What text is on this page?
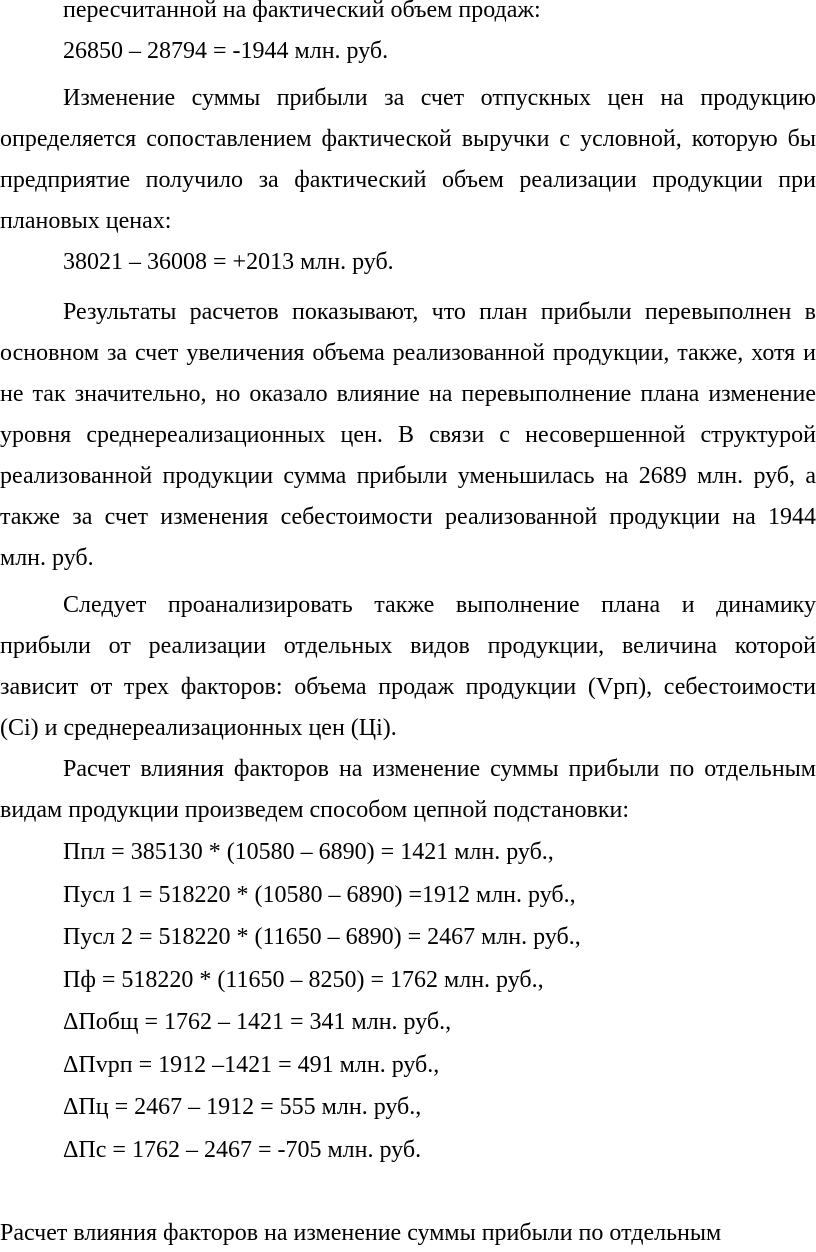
пересчитанной на фактический объем продаж:
26850 – 28794 = -1944 млн. руб.
Изменение суммы прибыли за счет отпускных цен на продукцию
определяется сопоставлением фактической выручки с условной, которую бы
предприятие получило за фактический объем реализации продукции при
плановых ценах:
38021 – 36008 = +2013 млн. руб.
Результаты расчетов показывают, что план прибыли перевыполнен в
основном за счет увеличения объема реализованной продукции, также, хотя и
не так значительно, но оказало влияние на перевыполнение плана изменение
уровня среднереализационных цен. В связи с несовершенной структурой
реализованной продукции сумма прибыли уменьшилась на 2689 млн. руб, а
также за счет изменения себестоимости реализованной продукции на 1944
млн. руб.
Следует проанализировать также выполнение плана и динамику
прибыли от реализации отдельных видов продукции, величина которой
зависит от трех факторов: объема продаж продукции (Vрп), себестоимости
(Сi) и среднереализационных цен (Цi).
Расчет влияния факторов на изменение суммы прибыли по отдельным
видам продукции произведем способом цепной подстановки:
Ппл = 385130 * (10580 – 6890) = 1421 млн. руб.,
Пусл 1 = 518220 * (10580 – 6890) =1912 млн. руб.,
Пусл 2 = 518220 * (11650 – 6890) = 2467 млн. руб.,
Пф = 518220 * (11650 – 8250) = 1762 млн. руб.,
ΔПобщ = 1762 – 1421 = 341 млн. руб.,
ΔПvрп = 1912 –1421 = 491 млн. руб.,
ΔПц = 2467 – 1912 = 555 млн. руб.,
ΔПс = 1762 – 2467 = -705 млн. руб.
Расчет влияния факторов на изменение суммы прибыли по отдельным
